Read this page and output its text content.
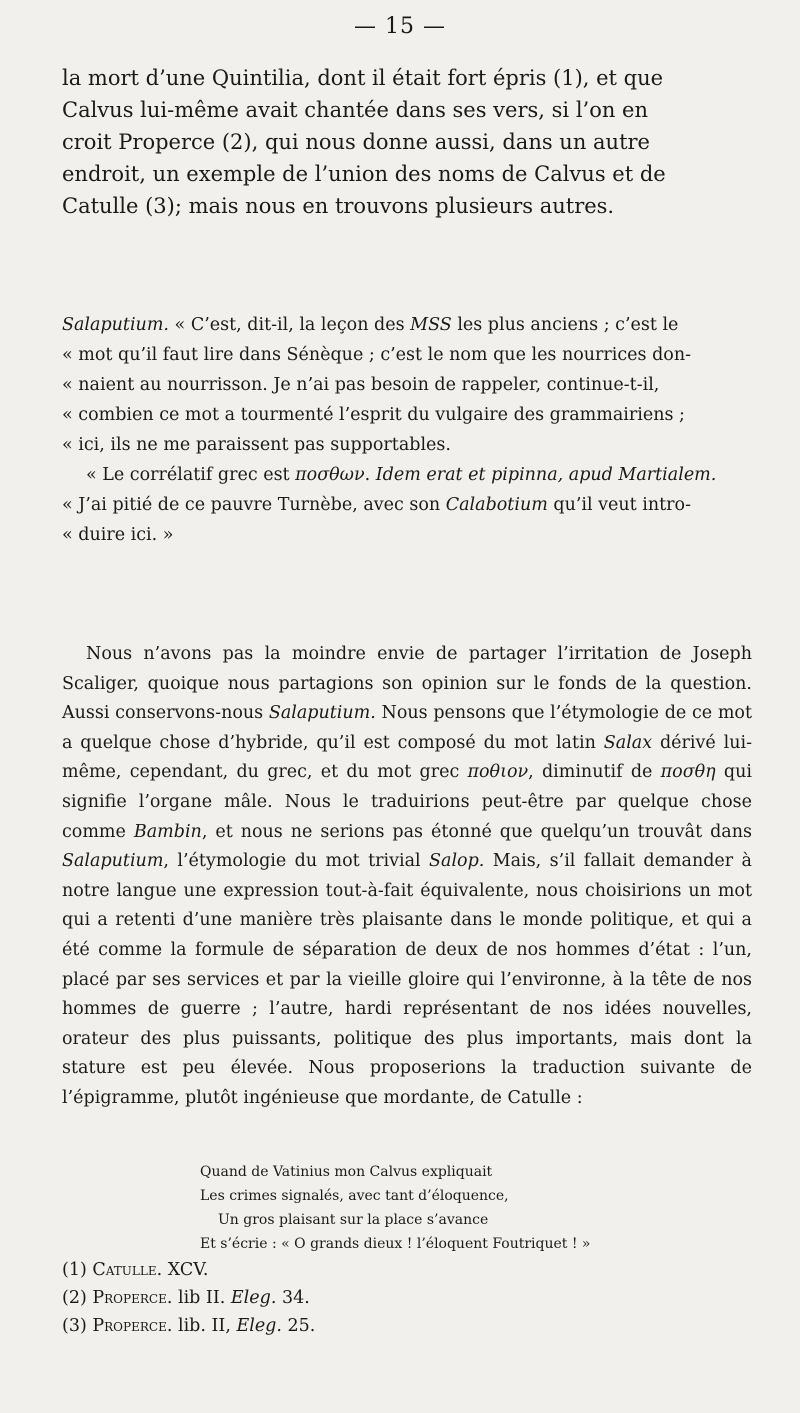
— 15 —
la mort d’une Quintilia, dont il était fort épris (1), et que
Calvus lui-même avait chantée dans ses vers, si l’on en
croit Properce (2), qui nous donne aussi, dans un autre
endroit, un exemple de l’union des noms de Calvus et de
Catulle (3); mais nous en trouvons plusieurs autres.
Salaputium. « C’est, dit-il, la leçon des MSS les plus anciens ; c’est le
« mot qu’il faut lire dans Sénèque ; c’est le nom que les nourrices don-
« naient au nourrisson. Je n’ai pas besoin de rappeler, continue-t-il,
« combien ce mot a tourmenté l’esprit du vulgaire des grammairiens ;
« ici, ils ne me paraissent pas supportables.
« Le corrélatif grec est ποσθων. Idem erat et pipinna, apud Martialem.
« J’ai pitié de ce pauvre Turnèbe, avec son Calabotium qu’il veut intro-
« duire ici. »

Nous n’avons pas la moindre envie de partager l’irritation de Joseph Scaliger, quoique nous partagions son opinion sur le fonds de la question. Aussi conservons-nous Salaputium. Nous pensons que l’étymologie de ce mot a quelque chose d’hybride, qu’il est composé du mot latin Salax dérivé lui-même, cependant, du grec, et du mot grec ποθιον, diminutif de ποσθη qui signifie l’organe mâle. Nous le traduirions peut-être par quelque chose comme Bambin, et nous ne serions pas étonné que quelqu’un trouvât dans Salaputium, l’étymologie du mot trivial Salop. Mais, s’il fallait demander à notre langue une expression tout-à-fait équivalente, nous choisirions un mot qui a retenti d’une manière très plaisante dans le monde politique, et qui a été comme la formule de séparation de deux de nos hommes d’état : l’un, placé par ses services et par la vieille gloire qui l’environne, à la tête de nos hommes de guerre ; l’autre, hardi représentant de nos idées nouvelles, orateur des plus puissants, politique des plus importants, mais dont la stature est peu élevée. Nous proposerions la traduction suivante de l’épigramme, plutôt ingénieuse que mordante, de Catulle :

Quand de Vatinius mon Calvus expliquait
Les crimes signalés, avec tant d’éloquence,
Un gros plaisant sur la place s’avance
Et s’écrie : « O grands dieux ! l’éloquent Foutriquet ! »
(1) Catulle. XCV.
(2) Properce. lib II. Eleg. 34.
(3) Properce. lib. II, Eleg. 25.
